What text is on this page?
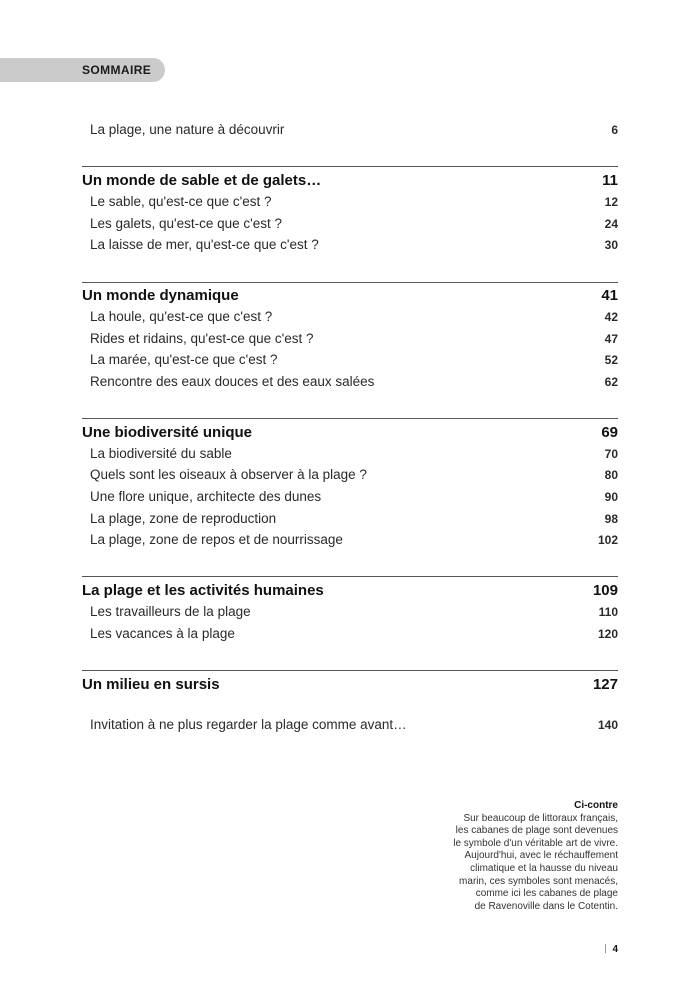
SOMMAIRE
La plage, une nature à découvrir	6
Un monde de sable et de galets…	11
Le sable, qu'est-ce que c'est ?	12
Les galets, qu'est-ce que c'est ?	24
La laisse de mer, qu'est-ce que c'est ?	30
Un monde dynamique	41
La houle, qu'est-ce que c'est ?	42
Rides et ridains, qu'est-ce que c'est ?	47
La marée, qu'est-ce que c'est ?	52
Rencontre des eaux douces et des eaux salées	62
Une biodiversité unique	69
La biodiversité du sable	70
Quels sont les oiseaux à observer à la plage ?	80
Une flore unique, architecte des dunes	90
La plage, zone de reproduction	98
La plage, zone de repos et de nourrissage	102
La plage et les activités humaines	109
Les travailleurs de la plage	110
Les vacances à la plage	120
Un milieu en sursis	127
Invitation à ne plus regarder la plage comme avant…	140
Ci-contre
Sur beaucoup de littoraux français,
les cabanes de plage sont devenues
le symbole d'un véritable art de vivre.
Aujourd'hui, avec le réchauffement
climatique et la hausse du niveau
marin, ces symboles sont menacés,
comme ici les cabanes de plage
de Ravenoville dans le Cotentin.
4
